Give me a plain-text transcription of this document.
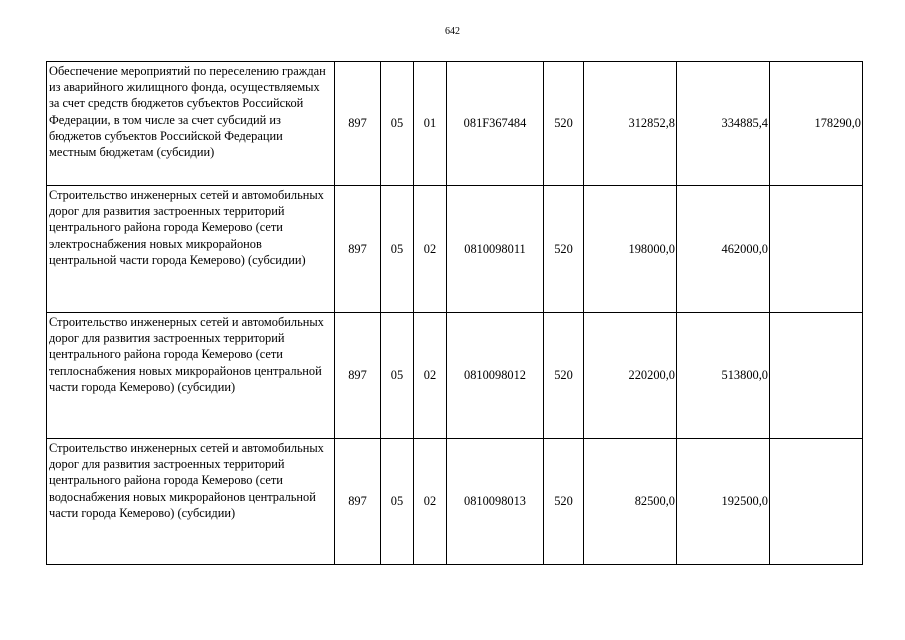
642
Обеспечение мероприятий по переселению граждан из аварийного жилищного фонда, осуществляемых за счет средств бюджетов субъектов Российской Федерации, в том числе за счет субсидий из бюджетов субъектов Российской Федерации местным бюджетам (субсидии)	897	05	01	081F367484	520	312852,8	334885,4	178290,0
Строительство инженерных сетей и автомобильных дорог для развития застроенных территорий центрального района города Кемерово (сети электроснабжения новых микрорайонов центральной части города Кемерово) (субсидии)	897	05	02	0810098011	520	198000,0	462000,0	
Строительство инженерных сетей и автомобильных дорог для развития застроенных территорий центрального района города Кемерово (сети теплоснабжения новых микрорайонов центральной части города Кемерово) (субсидии)	897	05	02	0810098012	520	220200,0	513800,0	
Строительство инженерных сетей и автомобильных дорог для развития застроенных территорий центрального района города Кемерово (сети водоснабжения новых микрорайонов центральной части города Кемерово) (субсидии)	897	05	02	0810098013	520	82500,0	192500,0	
